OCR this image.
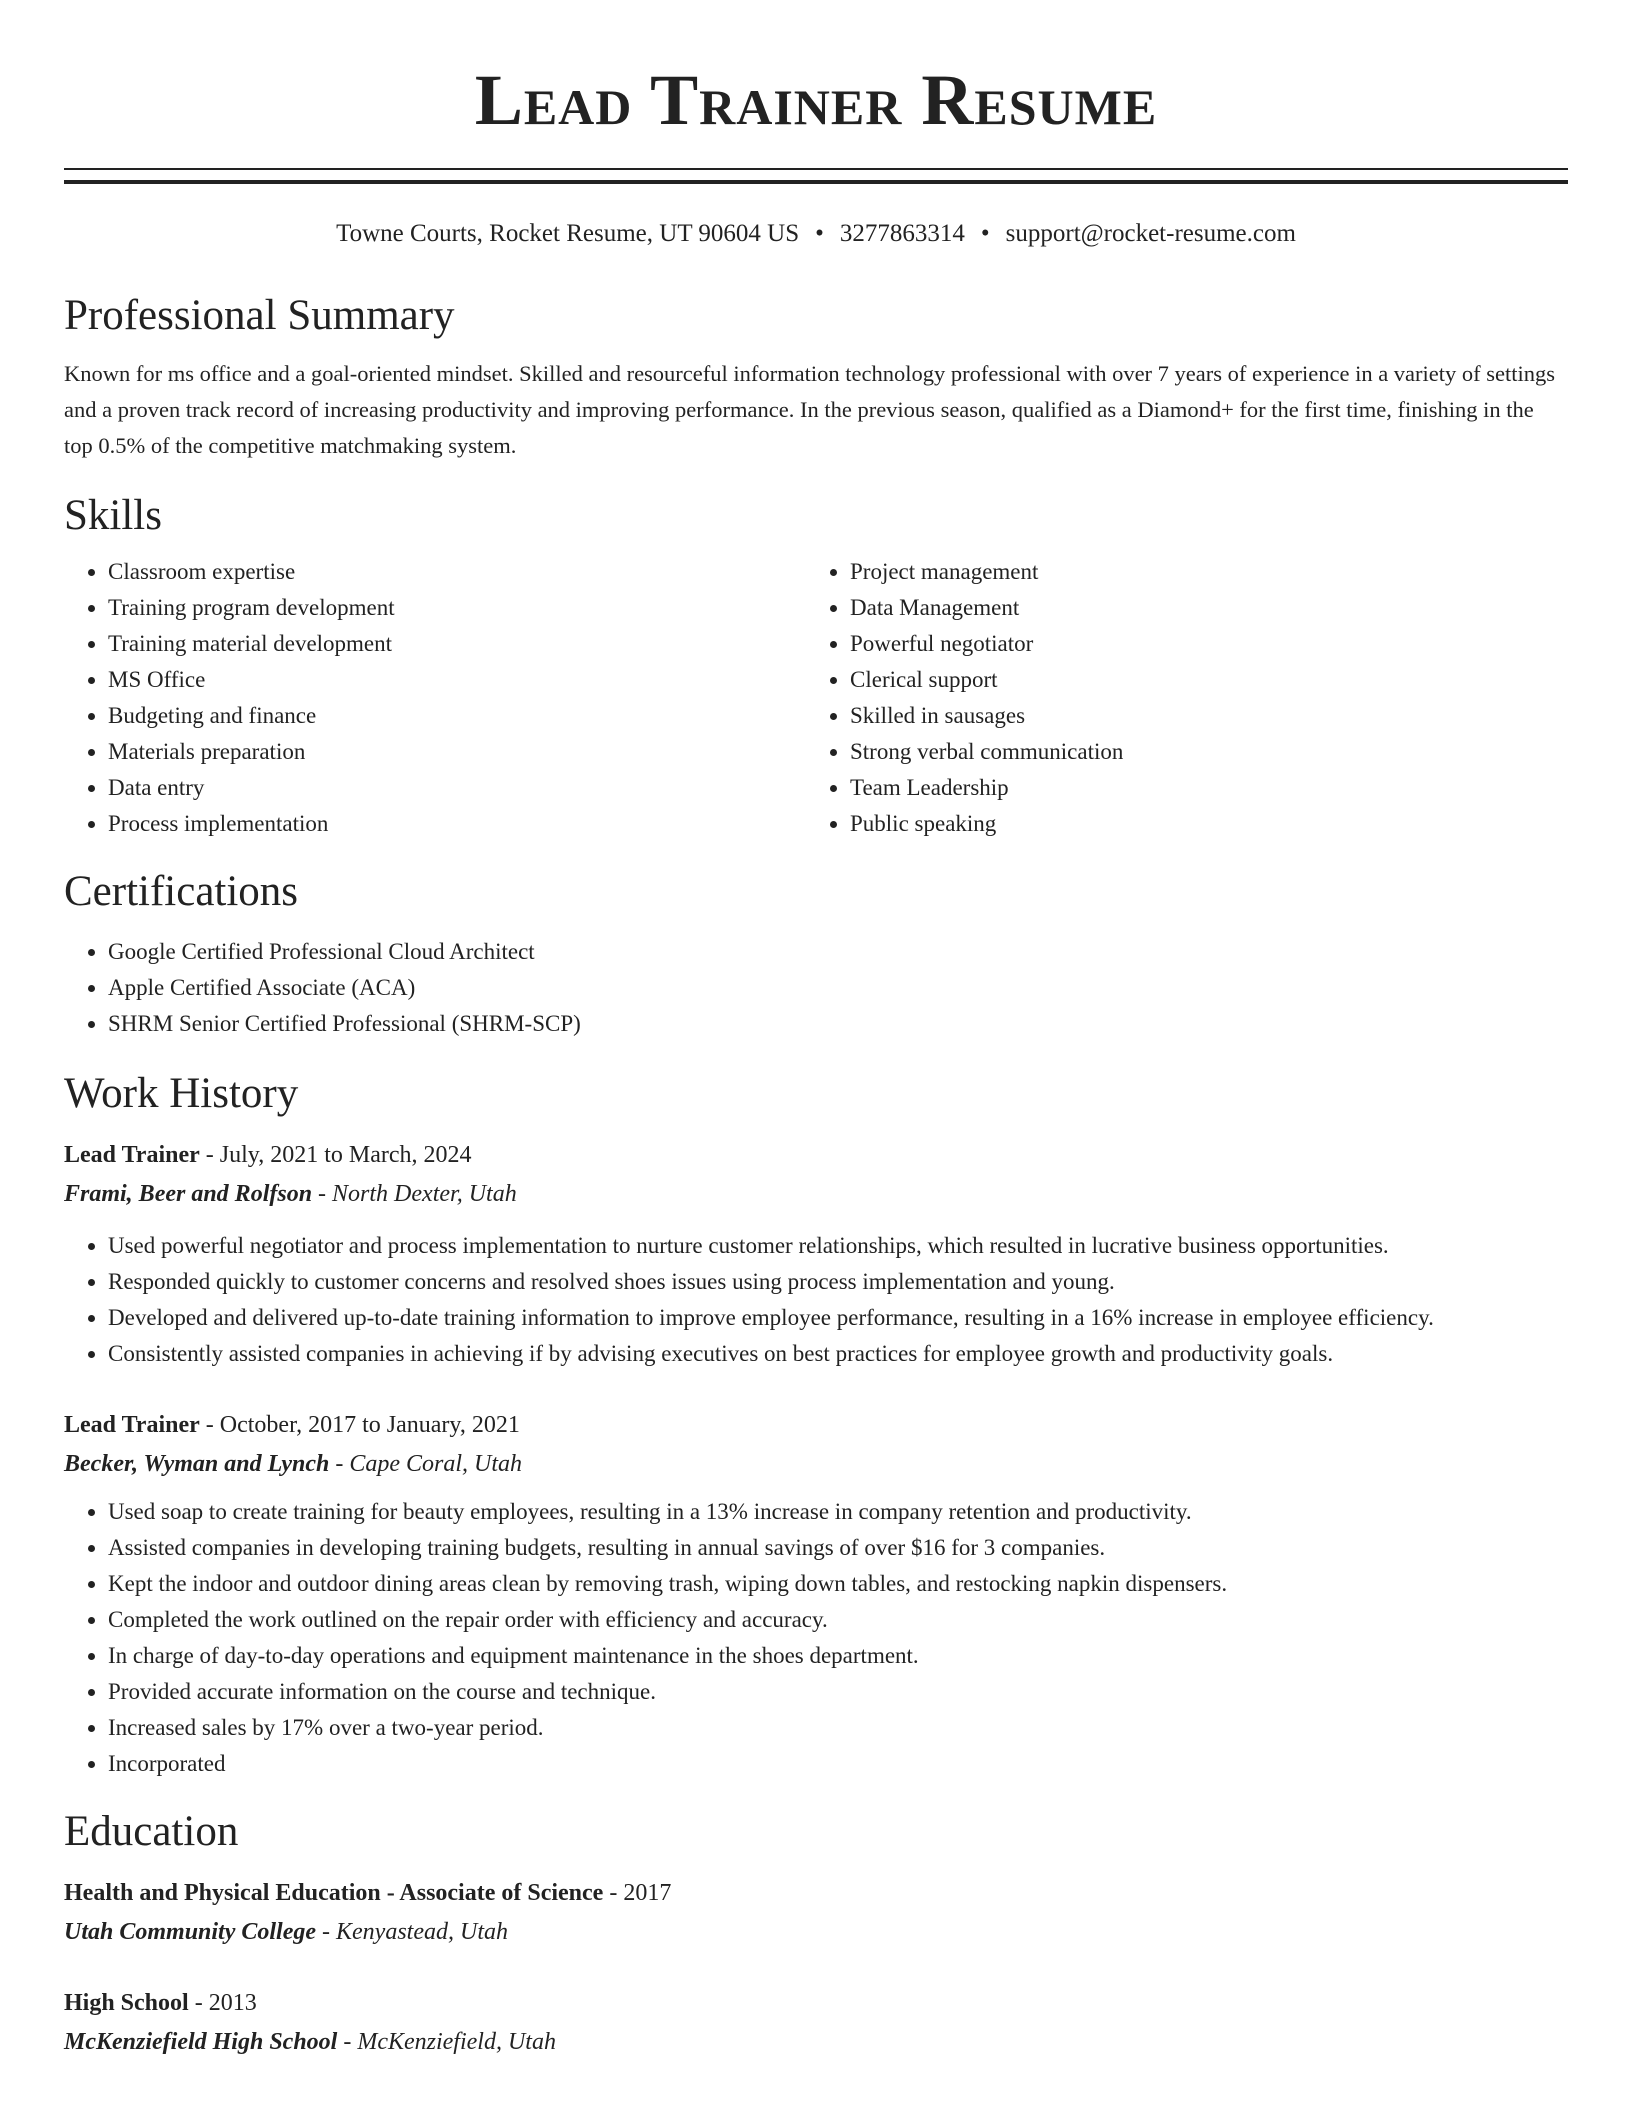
Lead Trainer Resume
Towne Courts, Rocket Resume, UT 90604 US • 3277863314 • support@rocket-resume.com
Professional Summary

Known for ms office and a goal-oriented mindset. Skilled and resourceful information technology professional with over 7 years of experience in a variety of settings and a proven track record of increasing productivity and improving performance. In the previous season, qualified as a Diamond+ for the first time, finishing in the top 0.5% of the competitive matchmaking system.

Skills
• Classroom expertise
• Training program development
• Training material development
• MS Office
• Budgeting and finance
• Materials preparation
• Data entry
• Process implementation
• Project management
• Data Management
• Powerful negotiator
• Clerical support
• Skilled in sausages
• Strong verbal communication
• Team Leadership
• Public speaking
Certifications
• Google Certified Professional Cloud Architect
• Apple Certified Associate (ACA)
• SHRM Senior Certified Professional (SHRM-SCP)
Work History
Lead Trainer - July, 2021 to March, 2024
Frami, Beer and Rolfson - North Dexter, Utah
• Used powerful negotiator and process implementation to nurture customer relationships, which resulted in lucrative business opportunities.
• Responded quickly to customer concerns and resolved shoes issues using process implementation and young.
• Developed and delivered up-to-date training information to improve employee performance, resulting in a 16% increase in employee efficiency.
• Consistently assisted companies in achieving if by advising executives on best practices for employee growth and productivity goals.
Lead Trainer - October, 2017 to January, 2021
Becker, Wyman and Lynch - Cape Coral, Utah
• Used soap to create training for beauty employees, resulting in a 13% increase in company retention and productivity.
• Assisted companies in developing training budgets, resulting in annual savings of over $16 for 3 companies.
• Kept the indoor and outdoor dining areas clean by removing trash, wiping down tables, and restocking napkin dispensers.
• Completed the work outlined on the repair order with efficiency and accuracy.
• In charge of day-to-day operations and equipment maintenance in the shoes department.
• Provided accurate information on the course and technique.
• Increased sales by 17% over a two-year period.
• Incorporated
Education
Health and Physical Education - Associate of Science - 2017
Utah Community College - Kenyastead, Utah
High School - 2013
McKenziefield High School - McKenziefield, Utah
